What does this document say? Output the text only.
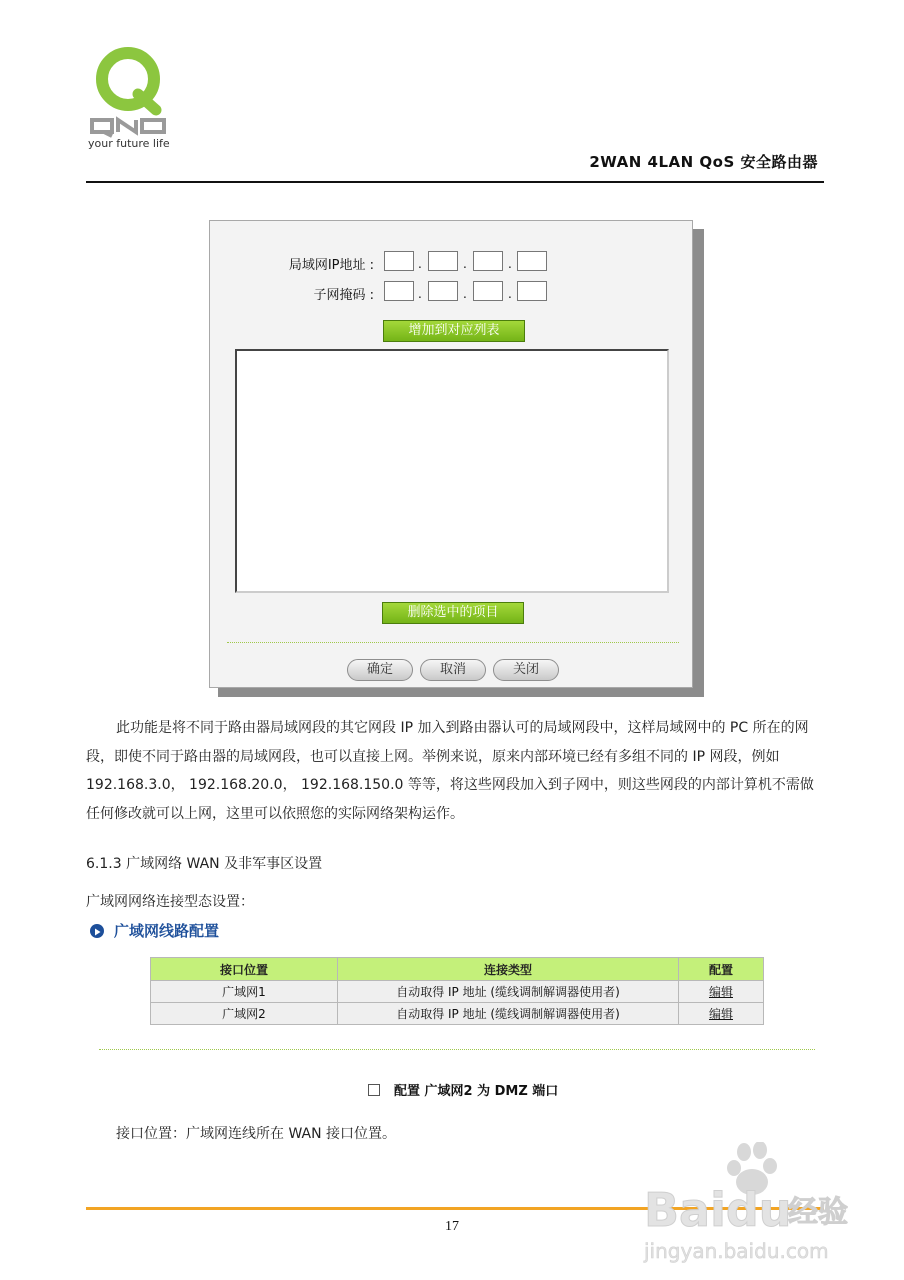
your future life
2WAN 4LAN QoS 安全路由器
局域网IP地址 :	.	.	.
子网掩码 :	.	.	.
增加到对应列表
删除选中的项目
确定	取消	关闭
此功能是将不同于路由器局域网段的其它网段 IP 加入到路由器认可的局域网段中，这样局域网中的 PC 所在的网段，即使不同于路由器的局域网段，也可以直接上网。举例来说，原来内部环境已经有多组不同的 IP 网段，例如 192.168.3.0， 192.168.20.0， 192.168.150.0 等等，将这些网段加入到子网中，则这些网段的内部计算机不需做任何修改就可以上网，这里可以依照您的实际网络架构运作。
6.1.3 广域网络 WAN 及非军事区设置
广域网网络连接型态设置：
广域网线路配置
接口位置	连接类型	配置
广域网1	自动取得 IP 地址 (缆线调制解调器使用者)	编辑
广域网2	自动取得 IP 地址 (缆线调制解调器使用者)	编辑
配置 广域网2 为 DMZ 端口
接口位置：广域网连线所在 WAN 接口位置。
17	Baidu
经验
jingyan.baidu.com
